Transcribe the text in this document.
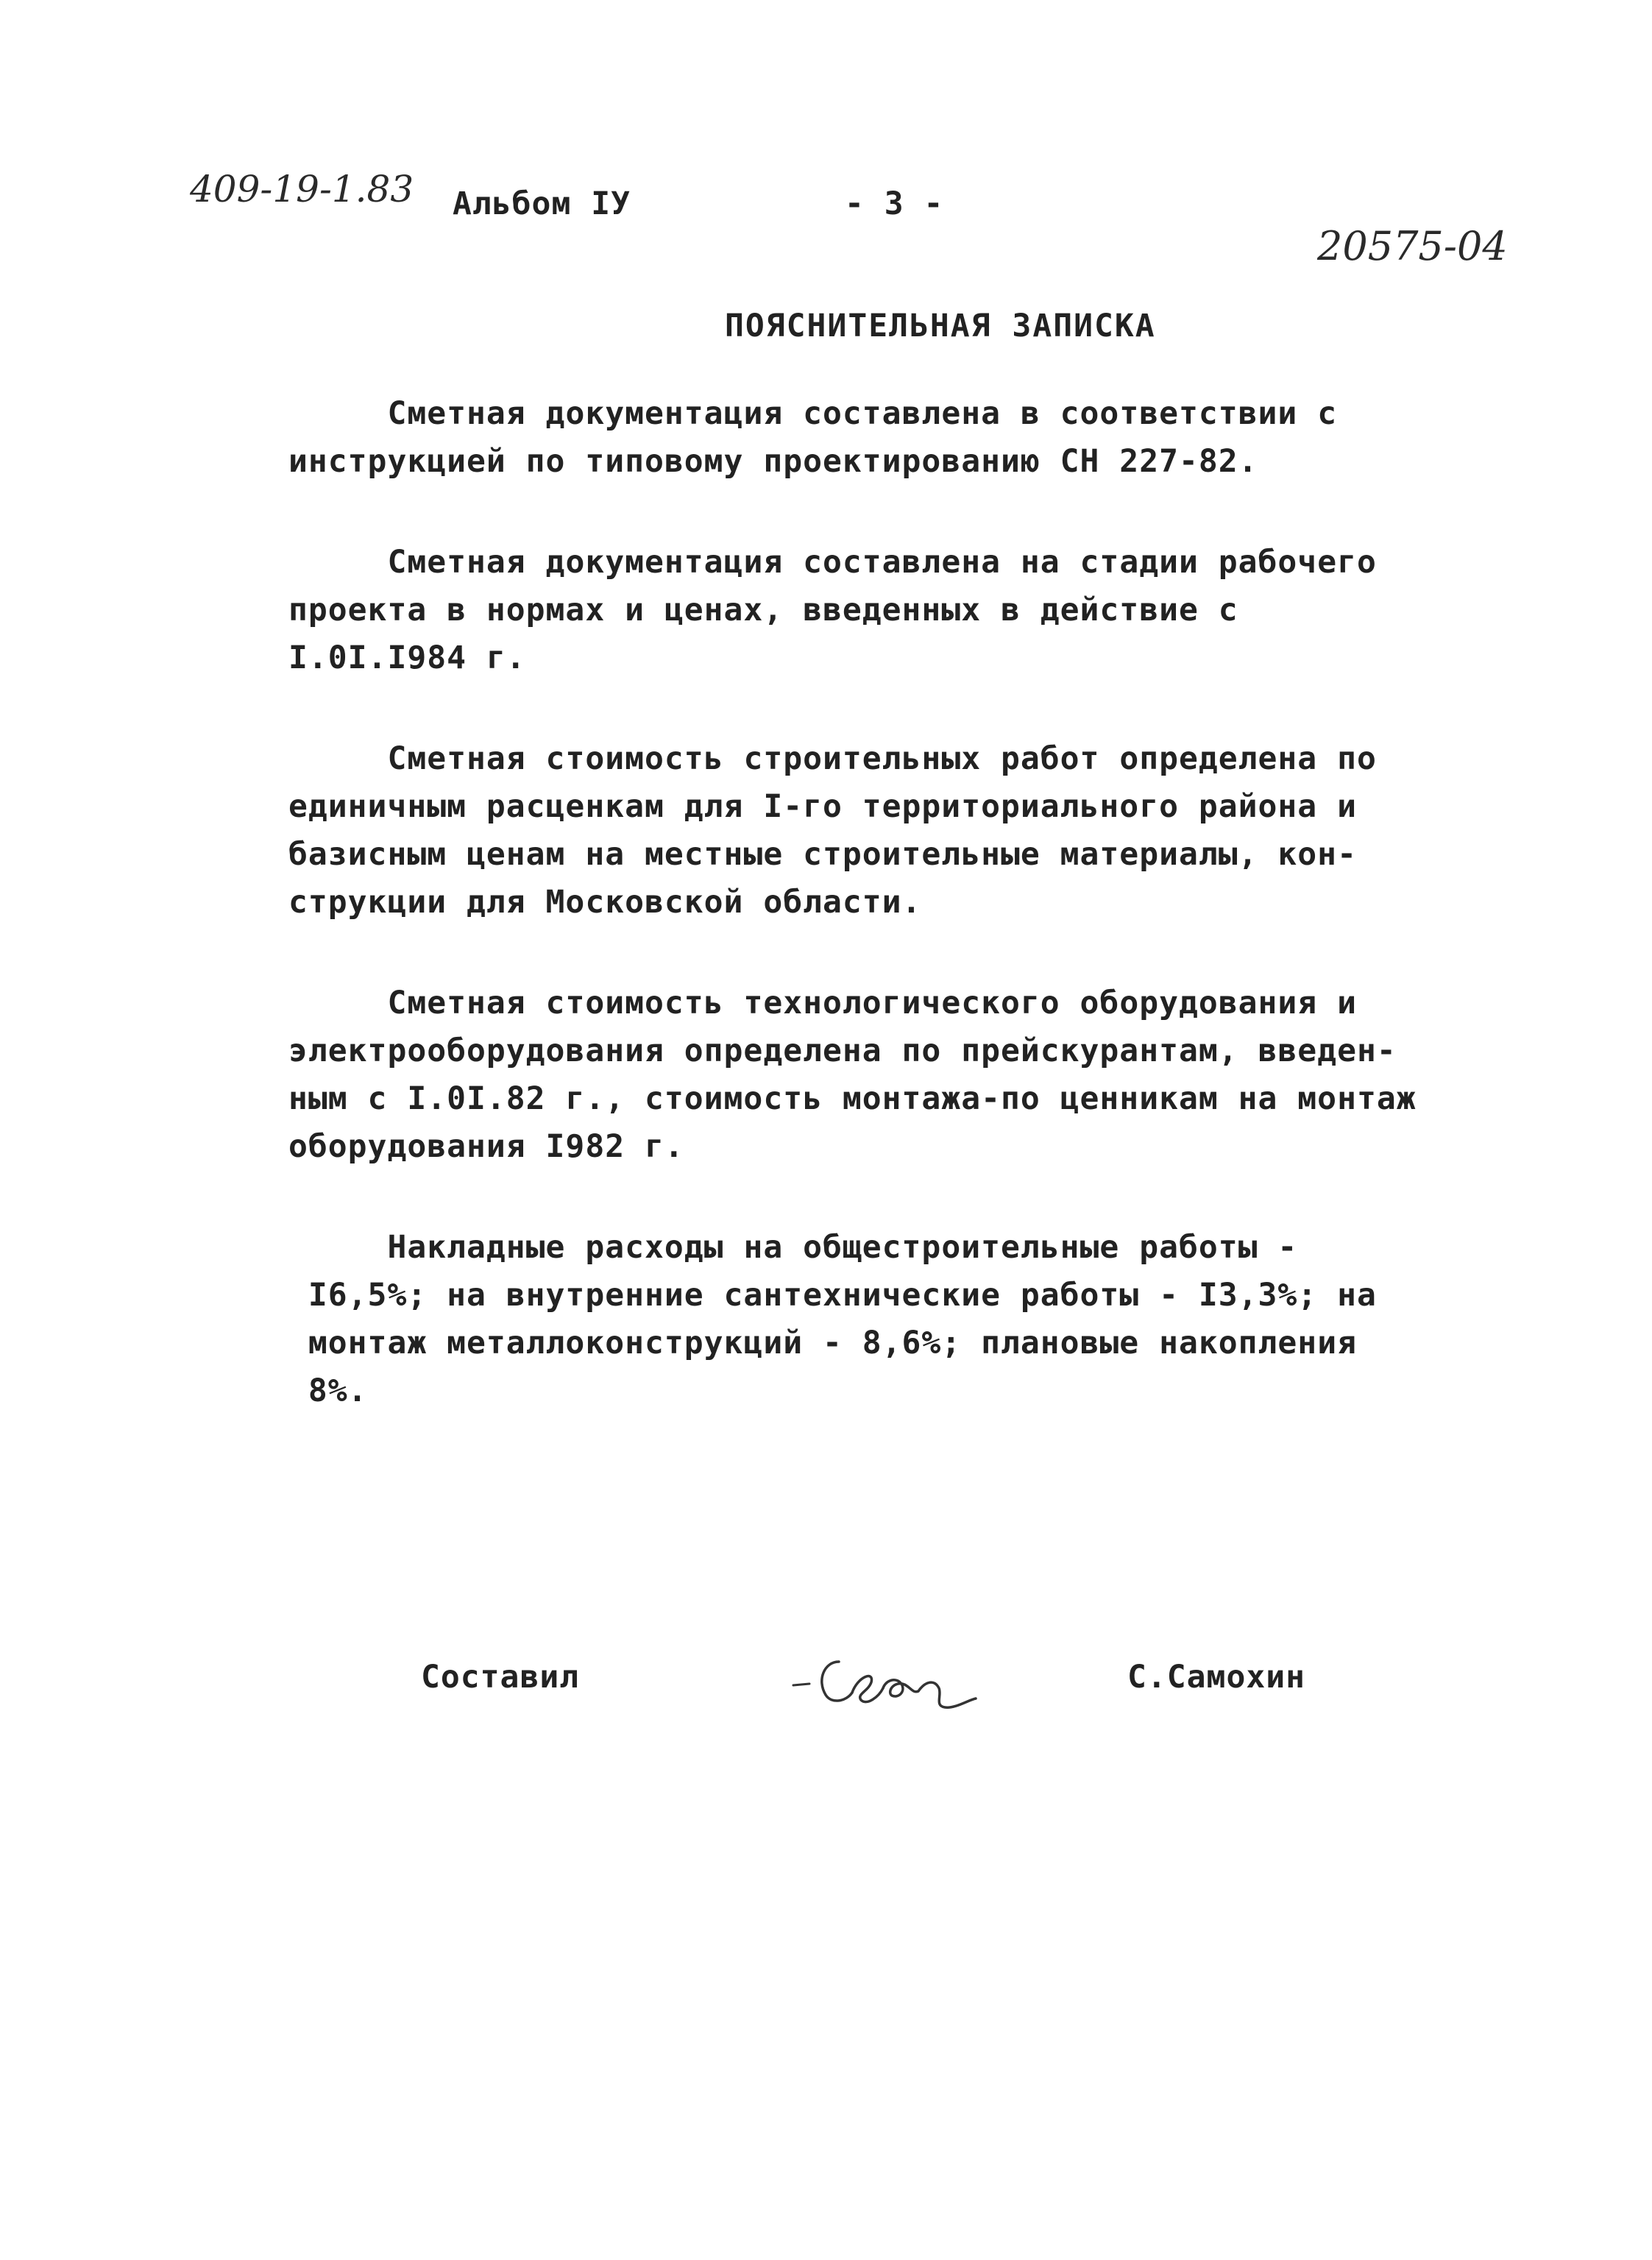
409-19-1.83 Альбом IУ	- 3 -
20575-04
ПОЯСНИТЕЛЬНАЯ ЗАПИСКА

Сметная документация составлена в соответствии с
инструкцией по типовому проектированию СН 227-82.

Сметная документация составлена на стадии рабочего
проекта в нормах и ценах, введенных в действие с
I.0I.I984 г.

Сметная стоимость строительных работ определена по
единичным расценкам для I-го территориального района и
базисным ценам на местные строительные материалы, кон-
струкции для Московской области.

Сметная стоимость технологического оборудования и
электрооборудования определена по прейскурантам, введен-
ным с I.0I.82 г., стоимость монтажа-по ценникам на монтаж
оборудования I982 г.

Накладные расходы на общестроительные работы -
I6,5%; на внутренние сантехнические работы - I3,3%; на
монтаж металлоконструкций - 8,6%; плановые накопления
8%.

Составил	С.Самохин
